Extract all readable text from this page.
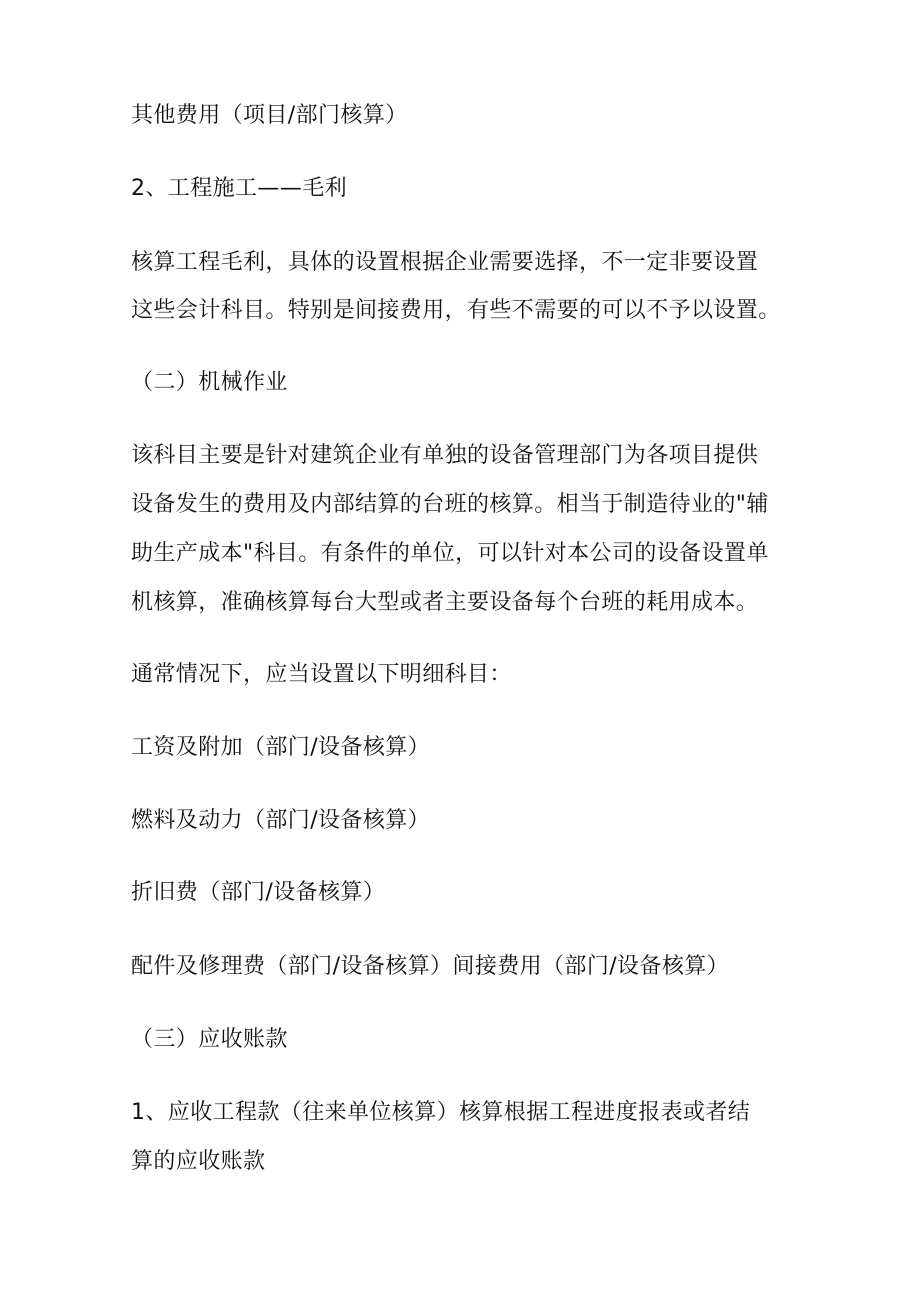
其他费用（项目/部门核算）
2、工程施工——毛利
核算工程毛利，具体的设置根据企业需要选择，不一定非要设置
这些会计科目。特别是间接费用，有些不需要的可以不予以设置。
（二）机械作业
该科目主要是针对建筑企业有单独的设备管理部门为各项目提供
设备发生的费用及内部结算的台班的核算。相当于制造待业的"辅
助生产成本"科目。有条件的单位，可以针对本公司的设备设置单
机核算，准确核算每台大型或者主要设备每个台班的耗用成本。
通常情况下，应当设置以下明细科目：
工资及附加（部门/设备核算）
燃料及动力（部门/设备核算）
折旧费（部门/设备核算）
配件及修理费（部门/设备核算）间接费用（部门/设备核算）
（三）应收账款
1、应收工程款（往来单位核算）核算根据工程进度报表或者结
算的应收账款
